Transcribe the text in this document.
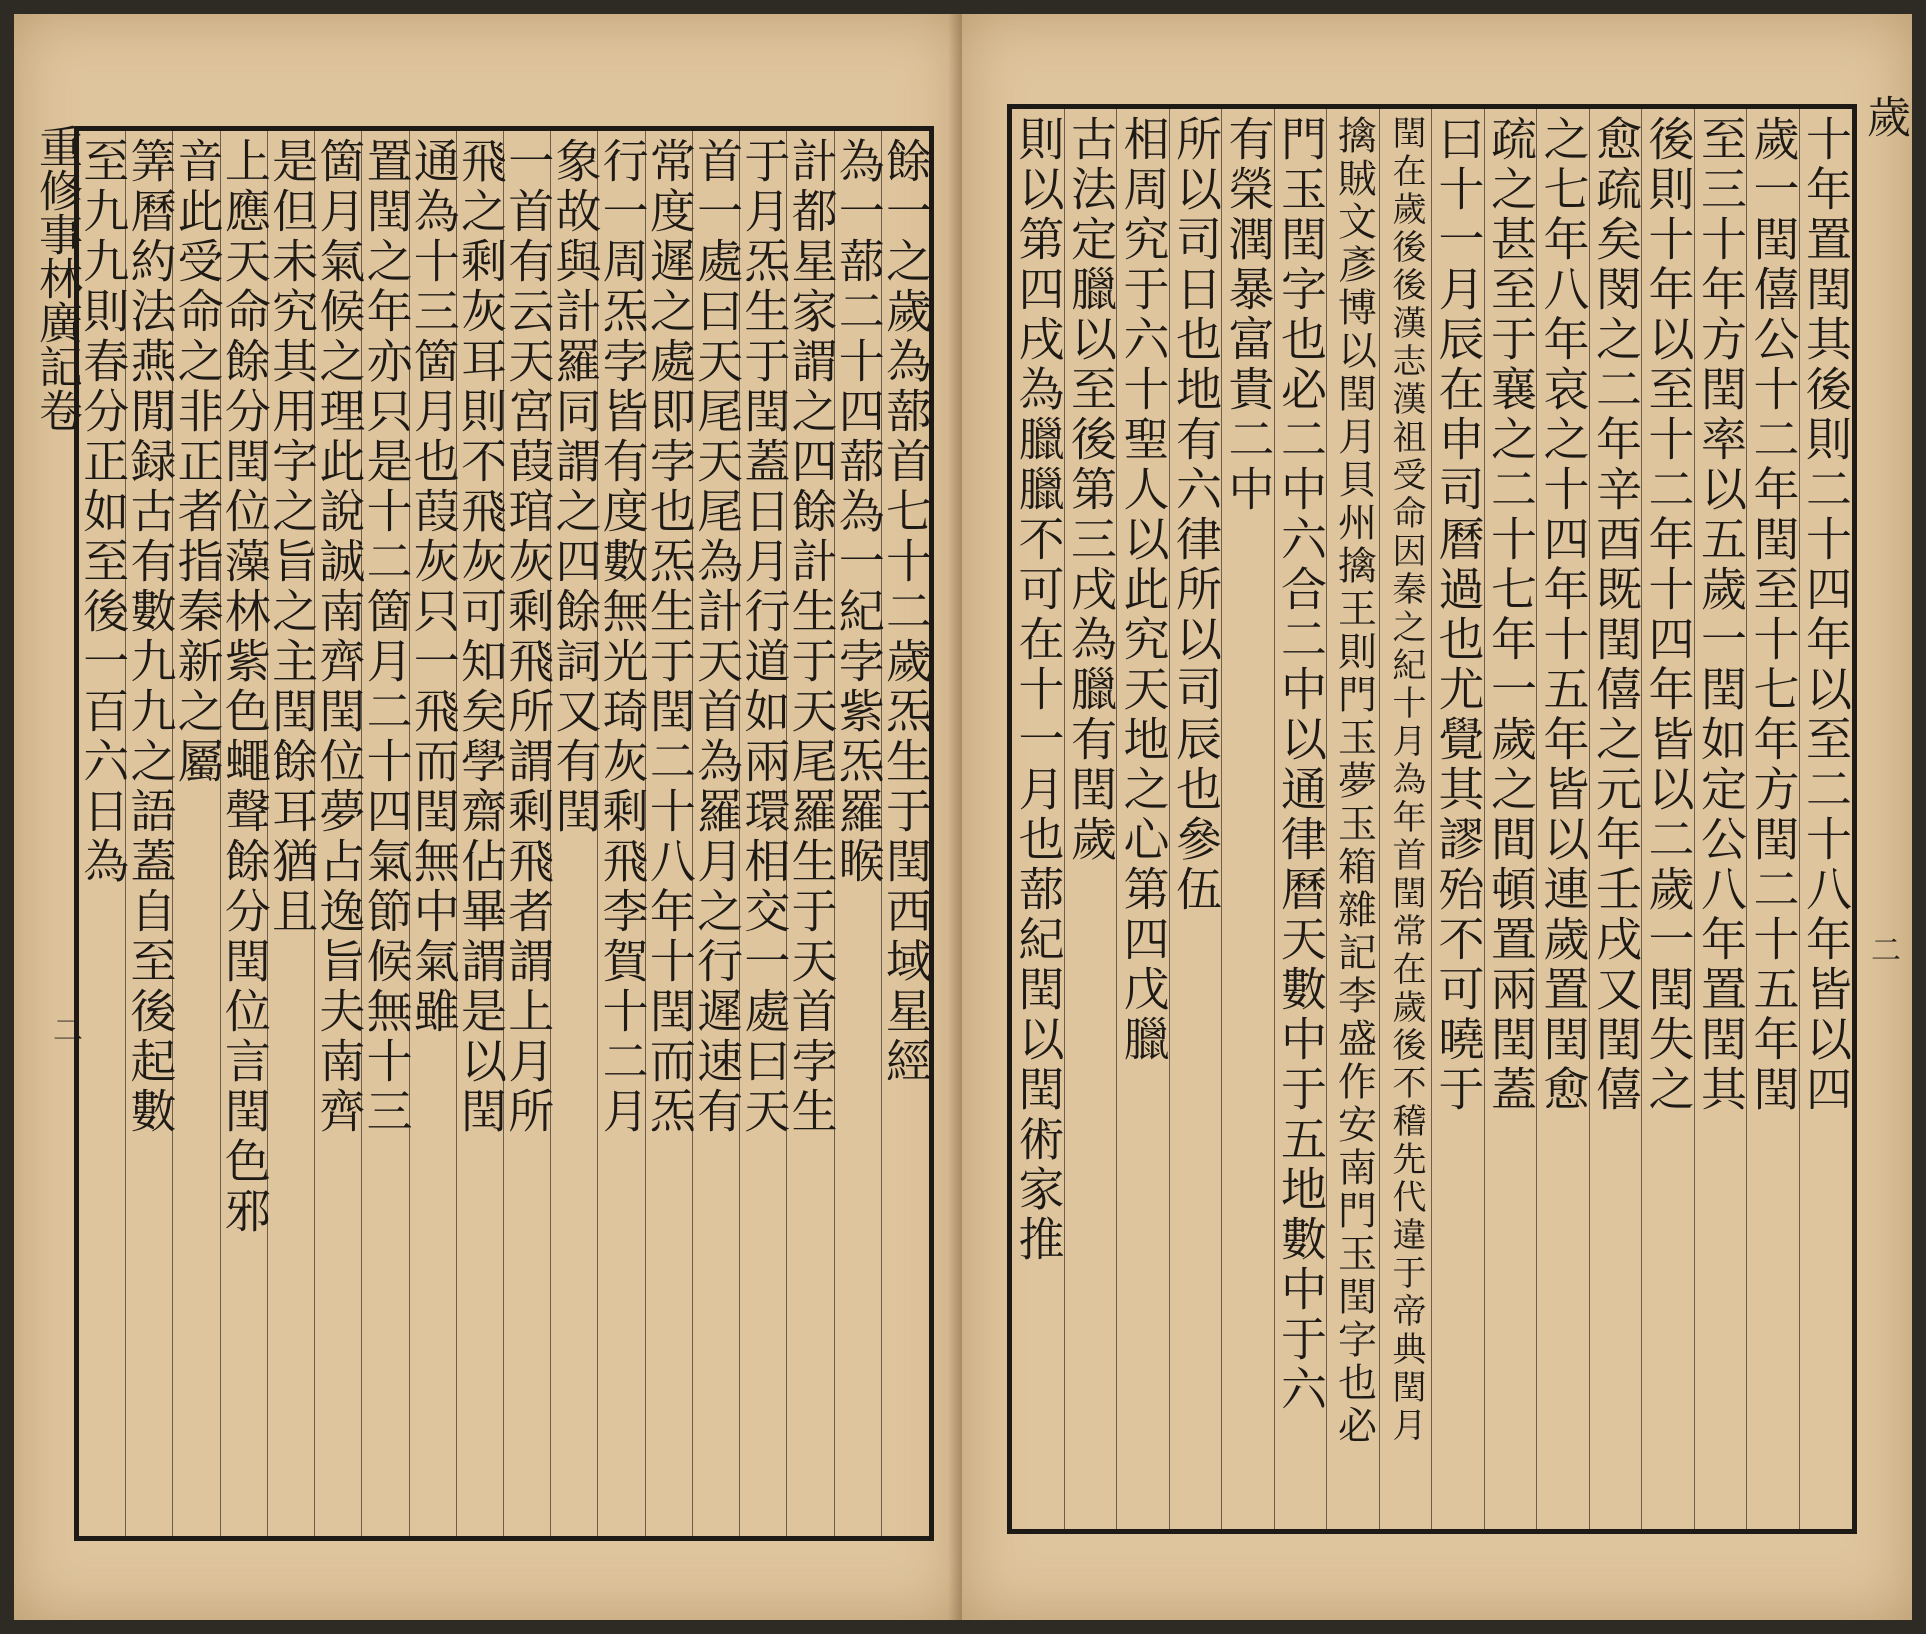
重修事林廣記卷
二	餘一之歲為蔀首七十二歲炁生于閏西域星經
為一蔀二十四蔀為一紀孛紫炁羅睺
計都星家謂之四餘計生于天尾羅生于天首孛生
于月炁生于閏蓋日月行道如兩環相交一處曰天
首一處曰天尾天尾為計天首為羅月之行遲速有
常度遲之處即孛也炁生于閏二十八年十閏而炁
行一周炁孛皆有度數無光琦灰剩飛李賀十二月
象故與計羅同謂之四餘詞又有閏
一首有云天宮葭琯灰剩飛所謂剩飛者謂上月所
飛之剩灰耳則不飛灰可知矣學齋佔畢謂是以閏
通為十三箇月也葭灰只一飛而閏無中氣雖
置閏之年亦只是十二箇月二十四氣節候無十三
箇月氣候之理此說誠南齊閏位夢占逸旨夫南齊
是但未究其用字之旨之主閏餘耳猶且
上應天命餘分閏位藻林紫色蠅聲餘分閏位言閏色邪
音此受命之非正者指秦新之屬
筭曆約法燕閒録古有數九九之語蓋自至後起數
至九九則春分正如至後一百六日為
歲
二
十年置閏其後則二十四年以至二十八年皆以四
歲一閏僖公十二年閏至十七年方閏二十五年閏
至三十年方閏率以五歲一閏如定公八年置閏其
後則十年以至十二年十四年皆以二歲一閏失之
愈疏矣閔之二年辛酉既閏僖之元年壬戌又閏僖
之七年八年哀之十四年十五年皆以連歲置閏愈
疏之甚至于襄之二十七年一歲之間頓置兩閏蓋
曰十一月辰在申司曆過也尤覺其謬殆不可曉于
閏在歲後後漢志漢祖受命因秦之紀十月為年首閏常在歲後不稽先代違于帝典閏月
擒賊文彥博以閏月貝州擒王則門玉夢玉箱雜記李盛作安南門玉閏字也必
門玉閏字也必二中六合二中以通律曆天數中于五地數中于六
有榮潤暴富貴二中
所以司日也地有六律所以司辰也參伍
相周究于六十聖人以此究天地之心第四戊臘
古法定臘以至後第三戌為臘有閏歲
則以第四戌為臘臘不可在十一月也蔀紀閏以閏術家推
